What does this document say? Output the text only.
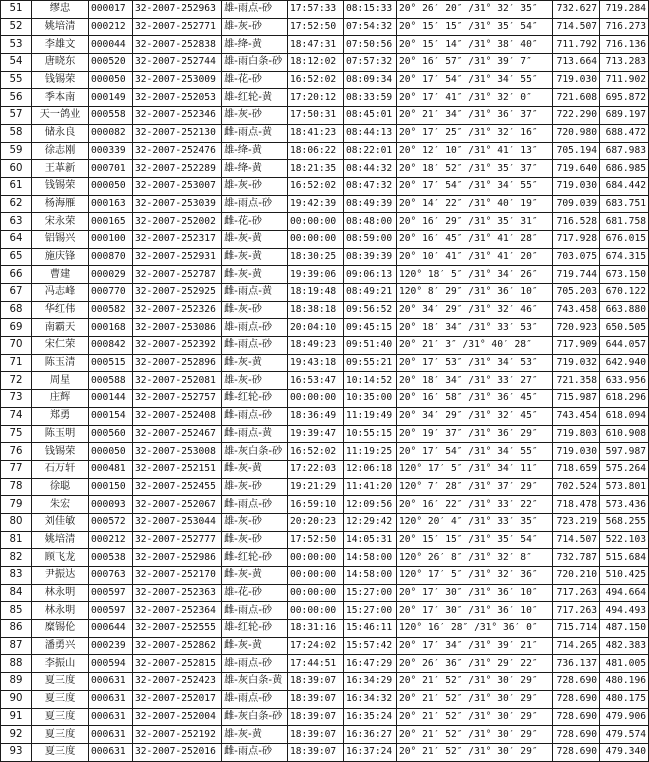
51	缪忠	000017	32-2007-252963	雄-雨点-砂	17:57:33	08:15:33	20° 26′ 20″ /31° 32′ 35″	732.627	719.284
52	姚培清	000212	32-2007-252771	雄-灰-砂	17:52:50	07:54:32	20° 15′ 15″ /31° 35′ 54″	714.507	716.273
53	李雄文	000044	32-2007-252838	雄-绛-黄	18:47:31	07:50:56	20° 15′ 14″ /31° 38′ 40″	711.792	716.136
54	唐晓东	000520	32-2007-252744	雄-雨白条-砂	18:12:02	07:57:32	20° 16′ 57″ /31° 39′ 7″	713.664	713.283
55	钱锡荣	000050	32-2007-253009	雄-花-砂	16:52:02	08:09:34	20° 17′ 54″ /31° 34′ 55″	719.030	711.902
56	季本南	000149	32-2007-252053	雄-红轮-黄	17:20:12	08:33:59	20° 17′ 41″ /31° 32′ 0″	721.608	695.872
57	天一鸽业	000558	32-2007-252346	雄-灰-砂	17:50:31	08:45:01	20° 21′ 34″ /31° 36′ 37″	722.290	689.197
58	储永良	000082	32-2007-252130	雌-雨点-黄	18:41:23	08:44:13	20° 17′ 25″ /31° 32′ 16″	720.980	688.472
59	徐志刚	000339	32-2007-252476	雄-绛-黄	18:06:22	08:22:01	20° 12′ 10″ /31° 41′ 13″	705.194	687.983
60	王革新	000701	32-2007-252289	雄-绛-黄	18:21:35	08:44:32	20° 18′ 52″ /31° 35′ 37″	719.640	686.985
61	钱锡荣	000050	32-2007-253007	雄-灰-砂	16:52:02	08:47:32	20° 17′ 54″ /31° 34′ 55″	719.030	684.442
62	杨海雁	000163	32-2007-253039	雄-雨点-砂	19:42:39	08:49:39	20° 14′ 22″ /31° 40′ 19″	709.039	683.751
63	宋永荣	000165	32-2007-252002	雌-花-砂	00:00:00	08:48:00	20° 16′ 29″ /31° 35′ 31″	716.528	681.758
64	铝锡兴	000100	32-2007-252317	雄-灰-黄	00:00:00	08:59:00	20° 16′ 45″ /31° 41′ 28″	717.928	676.015
65	施庆锋	000870	32-2007-252931	雌-灰-黄	18:30:25	08:39:39	20° 10′ 41″ /31° 41′ 20″	703.075	674.315
66	曹建	000029	32-2007-252787	雌-灰-黄	19:39:06	09:06:13	120° 18′ 5″ /31° 34′ 26″	719.744	673.150
67	冯志峰	000770	32-2007-252925	雌-雨点-黄	18:19:48	08:49:21	120° 8′ 29″ /31° 36′ 10″	705.203	670.122
68	华红伟	000582	32-2007-252326	雌-灰-砂	18:38:18	09:56:52	20° 34′ 29″ /31° 32′ 46″	743.458	663.880
69	南霸天	000168	32-2007-253086	雄-雨点-砂	20:04:10	09:45:15	20° 18′ 34″ /31° 33′ 53″	720.923	650.505
70	宋仁荣	000842	32-2007-252392	雌-雨点-砂	18:49:23	09:51:40	20° 21′ 3″ /31° 40′ 28″	717.909	644.057
71	陈玉清	000515	32-2007-252896	雌-灰-黄	19:43:18	09:55:21	20° 17′ 53″ /31° 34′ 53″	719.032	642.940
72	周星	000588	32-2007-252081	雄-灰-砂	16:53:47	10:14:52	20° 18′ 34″ /31° 33′ 27″	721.358	633.956
73	庄辉	000144	32-2007-252757	雌-红轮-砂	00:00:00	10:35:00	20° 16′ 58″ /31° 36′ 45″	715.987	618.296
74	郑勇	000154	32-2007-252408	雌-雨点-砂	18:36:49	11:19:49	20° 34′ 29″ /31° 32′ 45″	743.454	618.094
75	陈玉明	000560	32-2007-252467	雌-雨点-黄	19:39:47	10:55:15	20° 19′ 37″ /31° 36′ 29″	719.803	610.908
76	钱锡荣	000050	32-2007-253008	雄-灰白条-砂	16:52:02	11:19:25	20° 17′ 54″ /31° 34′ 55″	719.030	597.987
77	石万轩	000481	32-2007-252151	雌-灰-黄	17:22:03	12:06:18	120° 17′ 5″ /31° 34′ 11″	718.659	575.264
78	徐聪	000150	32-2007-252455	雄-灰-砂	19:21:29	11:41:20	120° 7′ 28″ /31° 37′ 29″	702.524	573.801
79	朱宏	000093	32-2007-252067	雌-雨点-砂	16:59:10	12:09:56	20° 16′ 22″ /31° 33′ 22″	718.478	573.436
80	刘佳敏	000572	32-2007-253044	雄-灰-砂	20:20:23	12:29:42	120° 20′ 4″ /31° 33′ 35″	723.219	568.255
81	姚培清	000212	32-2007-252777	雌-灰-砂	17:52:50	14:05:31	20° 15′ 15″ /31° 35′ 54″	714.507	522.103
82	顾飞龙	000538	32-2007-252986	雌-红轮-砂	00:00:00	14:58:00	120° 26′ 8″ /31° 32′ 8″	732.787	515.684
83	尹振达	000763	32-2007-252170	雌-灰-黄	00:00:00	14:58:00	120° 17′ 5″ /31° 32′ 36″	720.210	510.425
84	林永明	000597	32-2007-252363	雄-花-砂	00:00:00	15:27:00	20° 17′ 30″ /31° 36′ 10″	717.263	494.664
85	林永明	000597	32-2007-252364	雌-雨点-砂	00:00:00	15:27:00	20° 17′ 30″ /31° 36′ 10″	717.263	494.493
86	糜锡伦	000644	32-2007-252555	雄-红轮-砂	18:31:16	15:46:11	120° 16′ 28″ /31° 36′ 0″	715.714	487.150
87	潘勇兴	000239	32-2007-252862	雌-灰-黄	17:24:02	15:57:42	20° 17′ 34″ /31° 39′ 21″	714.265	482.383
88	李振山	000594	32-2007-252815	雄-雨点-砂	17:44:51	16:47:29	20° 26′ 36″ /31° 29′ 22″	736.137	481.005
89	夏三度	000631	32-2007-252423	雄-灰白条-黄	18:39:07	16:34:29	20° 21′ 52″ /31° 30′ 29″	728.690	480.196
90	夏三度	000631	32-2007-252017	雄-雨点-砂	18:39:07	16:34:32	20° 21′ 52″ /31° 30′ 29″	728.690	480.175
91	夏三度	000631	32-2007-252004	雌-灰白条-砂	18:39:07	16:35:24	20° 21′ 52″ /31° 30′ 29″	728.690	479.906
92	夏三度	000631	32-2007-252192	雄-灰-黄	18:39:07	16:36:27	20° 21′ 52″ /31° 30′ 29″	728.690	479.574
93	夏三度	000631	32-2007-252016	雌-雨点-砂	18:39:07	16:37:24	20° 21′ 52″ /31° 30′ 29″	728.690	479.340
